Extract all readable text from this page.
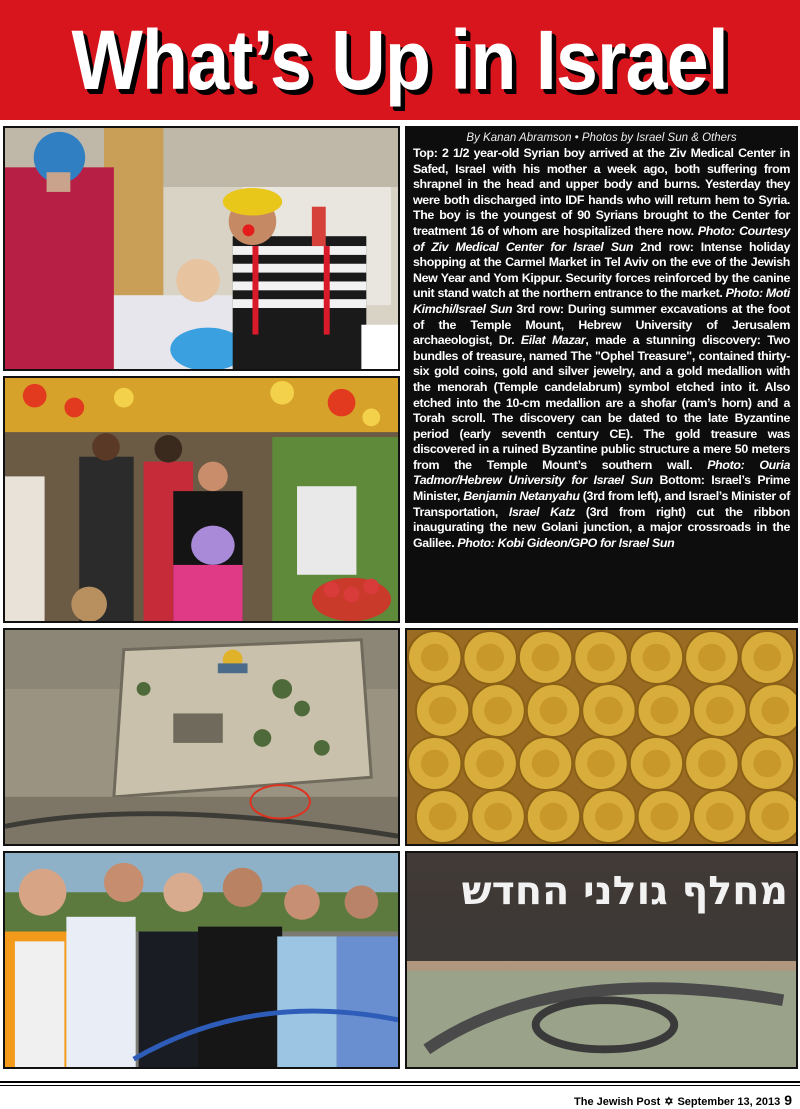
What’s Up in Israel
By Kanan Abramson • Photos by Israel Sun & Others
Top: 2 1/2 year-old Syrian boy arrived at the Ziv Medical Center in Safed, Israel with his mother a week ago, both suffering from shrapnel in the head and upper body and burns. Yesterday they were both discharged into IDF hands who will return hem to Syria. The boy is the youngest of 90 Syrians brought to the Center for treatment 16 of whom are hospitalized there now. Photo: Courtesy of Ziv Medical Center for Israel Sun 2nd row: Intense holiday shopping at the Carmel Market in Tel Aviv on the eve of the Jewish New Year and Yom Kippur. Security forces reinforced by the canine unit stand watch at the northern entrance to the market. Photo: Moti Kimchi/Israel Sun 3rd row: During summer excavations at the foot of the Temple Mount, Hebrew University of Jerusalem archaeologist, Dr. Eilat Mazar, made a stunning discovery: Two bundles of treasure, named The "Ophel Treasure", contained thirty-six gold coins, gold and silver jewelry, and a gold medallion with the menorah (Temple candelabrum) symbol etched into it. Also etched into the 10-cm medallion are a shofar (ram’s horn) and a Torah scroll. The discovery can be dated to the late Byzantine period (early seventh century CE). The gold treasure was discovered in a ruined Byzantine public structure a mere 50 meters from the Temple Mount’s southern wall. Photo: Ouria Tadmor/Hebrew University for Israel Sun Bottom: Israel’s Prime Minister, Benjamin Netanyahu (3rd from left), and Israel’s Minister of Transportation, Israel Katz (3rd from right) cut the ribbon inaugurating the new Golani junction, a major crossroads in the Galilee. Photo: Kobi Gideon/GPO for Israel Sun
מחלף גולני החדש
The Jewish Post ✡ September 13, 2013 9
